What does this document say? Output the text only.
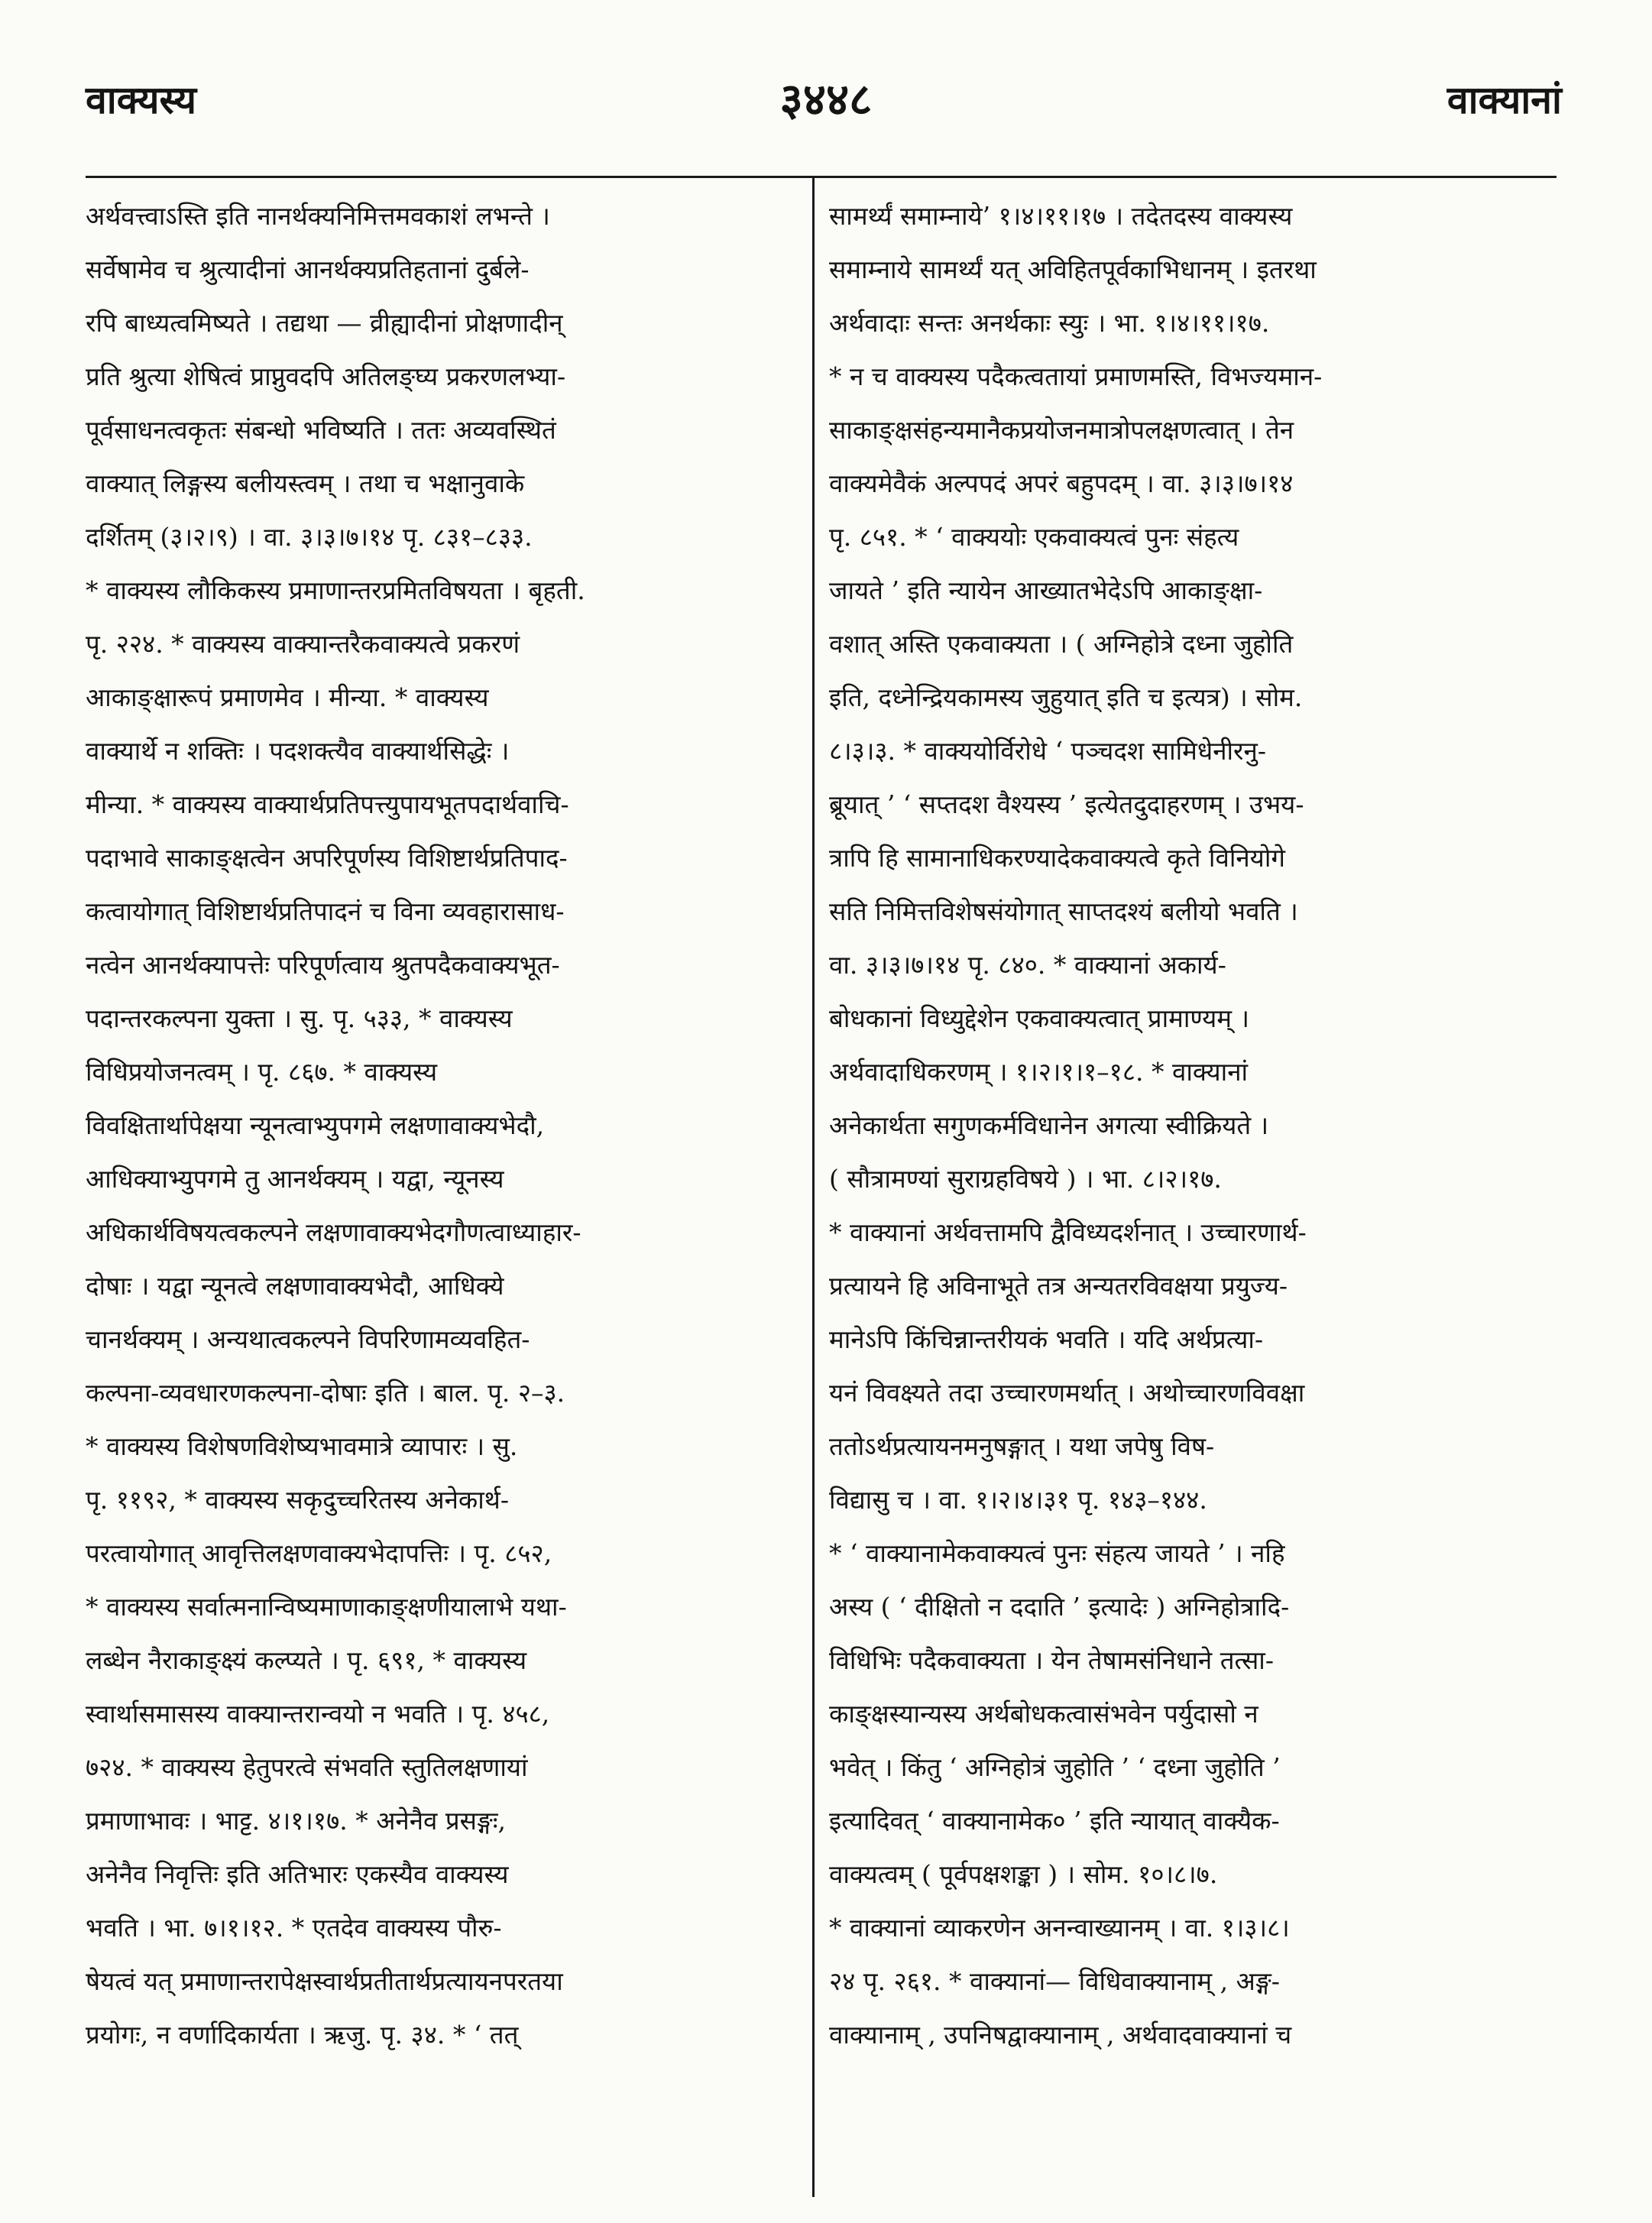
वाक्यस्य	३४४८	वाक्यानां
अर्थवत्त्वाऽस्ति इति नानर्थक्यनिमित्तमवकाशं लभन्ते ।
सर्वेषामेव च श्रुत्यादीनां आनर्थक्यप्रतिहतानां दुर्बले-
रपि बाध्यत्वमिष्यते । तद्यथा — व्रीह्यादीनां प्रोक्षणादीन्
प्रति श्रुत्या शेषित्वं प्राप्नुवदपि अतिलङ्घ्य प्रकरणलभ्या-
पूर्वसाधनत्वकृतः संबन्धो भविष्यति । ततः अव्यवस्थितं
वाक्यात् लिङ्गस्य बलीयस्त्वम् । तथा च भक्षानुवाके
दर्शितम् (३।२।९) । वा. ३।३।७।१४ पृ. ८३१–८३३.
* वाक्यस्य लौकिकस्य प्रमाणान्तरप्रमितविषयता । बृहती.
पृ. २२४. * वाक्यस्य वाक्यान्तरैकवाक्यत्वे प्रकरणं
आकाङ्क्षारूपं प्रमाणमेव । मीन्या. * वाक्यस्य
वाक्यार्थे न शक्तिः । पदशक्त्यैव वाक्यार्थसिद्धेः ।
मीन्या. * वाक्यस्य वाक्यार्थप्रतिपत्त्युपायभूतपदार्थवाचि-
पदाभावे साकाङ्क्षत्वेन अपरिपूर्णस्य विशिष्टार्थप्रतिपाद-
कत्वायोगात् विशिष्टार्थप्रतिपादनं च विना व्यवहारासाध-
नत्वेन आनर्थक्यापत्तेः परिपूर्णत्वाय श्रुतपदैकवाक्यभूत-
पदान्तरकल्पना युक्ता । सु. पृ. ५३३, * वाक्यस्य
विधिप्रयोजनत्वम् । पृ. ८६७. * वाक्यस्य
विवक्षितार्थापेक्षया न्यूनत्वाभ्युपगमे लक्षणावाक्यभेदौ,
आधिक्याभ्युपगमे तु आनर्थक्यम् । यद्वा, न्यूनस्य
अधिकार्थविषयत्वकल्पने लक्षणावाक्यभेदगौणत्वाध्याहार-
दोषाः । यद्वा न्यूनत्वे लक्षणावाक्यभेदौ, आधिक्ये
चानर्थक्यम् । अन्यथात्वकल्पने विपरिणामव्यवहित-
कल्पना-व्यवधारणकल्पना-दोषाः इति । बाल. पृ. २–३.
* वाक्यस्य विशेषणविशेष्यभावमात्रे व्यापारः । सु.
पृ. ११९२, * वाक्यस्य सकृदुच्चरितस्य अनेकार्थ-
परत्वायोगात् आवृत्तिलक्षणवाक्यभेदापत्तिः । पृ. ८५२,
* वाक्यस्य सर्वात्मनान्विष्यमाणाकाङ्क्षणीयालाभे यथा-
लब्धेन नैराकाङ्क्ष्यं कल्प्यते । पृ. ६९१, * वाक्यस्य
स्वार्थासमासस्य वाक्यान्तरान्वयो न भवति । पृ. ४५८,
७२४. * वाक्यस्य हेतुपरत्वे संभवति स्तुतिलक्षणायां
प्रमाणाभावः । भाट्ट. ४।१।१७. * अनेनैव प्रसङ्गः,
अनेनैव निवृत्तिः इति अतिभारः एकस्यैव वाक्यस्य
भवति । भा. ७।१।१२. * एतदेव वाक्यस्य पौरु-
षेयत्वं यत् प्रमाणान्तरापेक्षस्वार्थप्रतीतार्थप्रत्यायनपरतया
प्रयोगः, न वर्णादिकार्यता । ऋजु. पृ. ३४. * ‘ तत्
सामर्थ्यं समाम्नाये’ १।४।११।१७ । तदेतदस्य वाक्यस्य
समाम्नाये सामर्थ्यं यत् अविहितपूर्वकाभिधानम् । इतरथा
अर्थवादाः सन्तः अनर्थकाः स्युः । भा. १।४।११।१७.
* न च वाक्यस्य पदैकत्वतायां प्रमाणमस्ति, विभज्यमान-
साकाङ्क्षसंहन्यमानैकप्रयोजनमात्रोपलक्षणत्वात् । तेन
वाक्यमेवैकं अल्पपदं अपरं बहुपदम् । वा. ३।३।७।१४
पृ. ८५१. * ‘ वाक्ययोः एकवाक्यत्वं पुनः संहत्य
जायते ’ इति न्यायेन आख्यातभेदेऽपि आकाङ्क्षा-
वशात् अस्ति एकवाक्यता । ( अग्निहोत्रे दध्ना जुहोति
इति, दध्नेन्द्रियकामस्य जुहुयात् इति च इत्यत्र) । सोम.
८।३।३. * वाक्ययोर्विरोधे ‘ पञ्चदश सामिधेनीरनु-
ब्रूयात् ’ ‘ सप्तदश वैश्यस्य ’ इत्येतदुदाहरणम् । उभय-
त्रापि हि सामानाधिकरण्यादेकवाक्यत्वे कृते विनियोगे
सति निमित्तविशेषसंयोगात् साप्तदश्यं बलीयो भवति ।
वा. ३।३।७।१४ पृ. ८४०. * वाक्यानां अकार्य-
बोधकानां विध्युद्देशेन एकवाक्यत्वात् प्रामाण्यम् ।
अर्थवादाधिकरणम् । १।२।१।१–१८. * वाक्यानां
अनेकार्थता सगुणकर्मविधानेन अगत्या स्वीक्रियते ।
( सौत्रामण्यां सुराग्रहविषये ) । भा. ८।२।१७.
* वाक्यानां अर्थवत्तामपि द्वैविध्यदर्शनात् । उच्चारणार्थ-
प्रत्यायने हि अविनाभूते तत्र अन्यतरविवक्षया प्रयुज्य-
मानेऽपि किंचिन्नान्तरीयकं भवति । यदि अर्थप्रत्या-
यनं विवक्ष्यते तदा उच्चारणमर्थात् । अथोच्चारणविवक्षा
ततोऽर्थप्रत्यायनमनुषङ्गात् । यथा जपेषु विष-
विद्यासु च । वा. १।२।४।३१ पृ. १४३–१४४.
* ‘ वाक्यानामेकवाक्यत्वं पुनः संहत्य जायते ’ । नहि
अस्य ( ‘ दीक्षितो न ददाति ’ इत्यादेः ) अग्निहोत्रादि-
विधिभिः पदैकवाक्यता । येन तेषामसंनिधाने तत्सा-
काङ्क्षस्यान्यस्य अर्थबोधकत्वासंभवेन पर्युदासो न
भवेत् । किंतु ‘ अग्निहोत्रं जुहोति ’ ‘ दध्ना जुहोति ’
इत्यादिवत् ‘ वाक्यानामेक० ’ इति न्यायात् वाक्यैक-
वाक्यत्वम् ( पूर्वपक्षशङ्का ) । सोम. १०।८।७.
* वाक्यानां व्याकरणेन अनन्वाख्यानम् । वा. १।३।८।
२४ पृ. २६१. * वाक्यानां— विधिवाक्यानाम् , अङ्ग-
वाक्यानाम् , उपनिषद्वाक्यानाम् , अर्थवादवाक्यानां च
